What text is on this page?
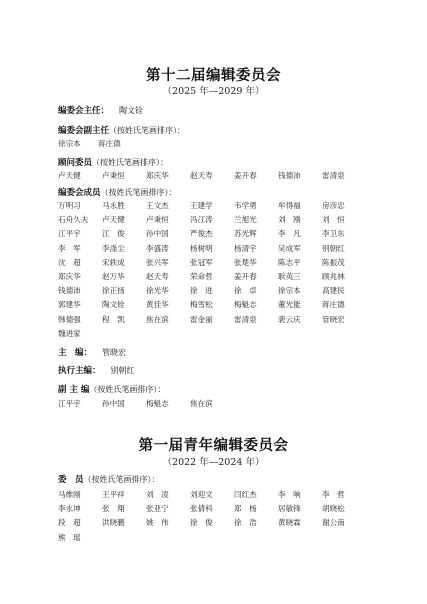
第十二届编辑委员会
（2025 年—2029 年）
编委会主任： 陶文铨
编委会副主任（按姓氏笔画排序）：
徐宗本 蒋庄德
顾问委员（按姓氏笔画排序）：
卢天健	卢秉恒	郑庆华	赵天寿	姜开春	钱德沛	雷清泉
编委会成员（按姓氏笔画排序）：
万明习	马永胜	王文杰	王建学	韦学勇	牟得福	房彦忠
石舟久夫 卢天健	卢秉恒	冯江涛	兰旭光	刘　刚	刘　恒
江平宇	江　俊	孙中国	严俊杰	苏光辉	李　凡	李卫东
李　军	李涤尘	李盛涛	杨树明	杨清宇	吴成军	别朝红
沈　超	宋轶成	张兴军	张冠军	张楚华	陈志平	陈振茂
郑庆华	赵万华	赵天寿	荣命哲	姜开春	耿英三	顾兆林
钱德沛	徐正扬	徐光华	徐　进	徐　卓	徐宗本	高建民
郭建华	陶文铨	黄佳华	梅雪松	梅魁志	董光能	蒋庄德
韩德强	程　凯	焦在滨	雷金丽	雷清泉	裴云庆	管晓宏
魏进家
主　编： 管晓宏
执行主编： 别朝红
副 主 编（按姓氏笔画排序）：
江平宇	孙中国	梅魁志	焦在滨
第一届青年编辑委员会
（2022 年—2024 年）
委　员（按姓氏笔画排序）：
马维刚	王平祥	刘　凌	刘迎文	闫红杰	李　响	李　哲
李永坤	张　翔	张亚宁	张倩科	郑　杨	居敏锋	胡晓松
段　超	洪晓鹏	姚　伟	徐　俊	徐　浩	黄晓霖	谢公南
熊　瑶
